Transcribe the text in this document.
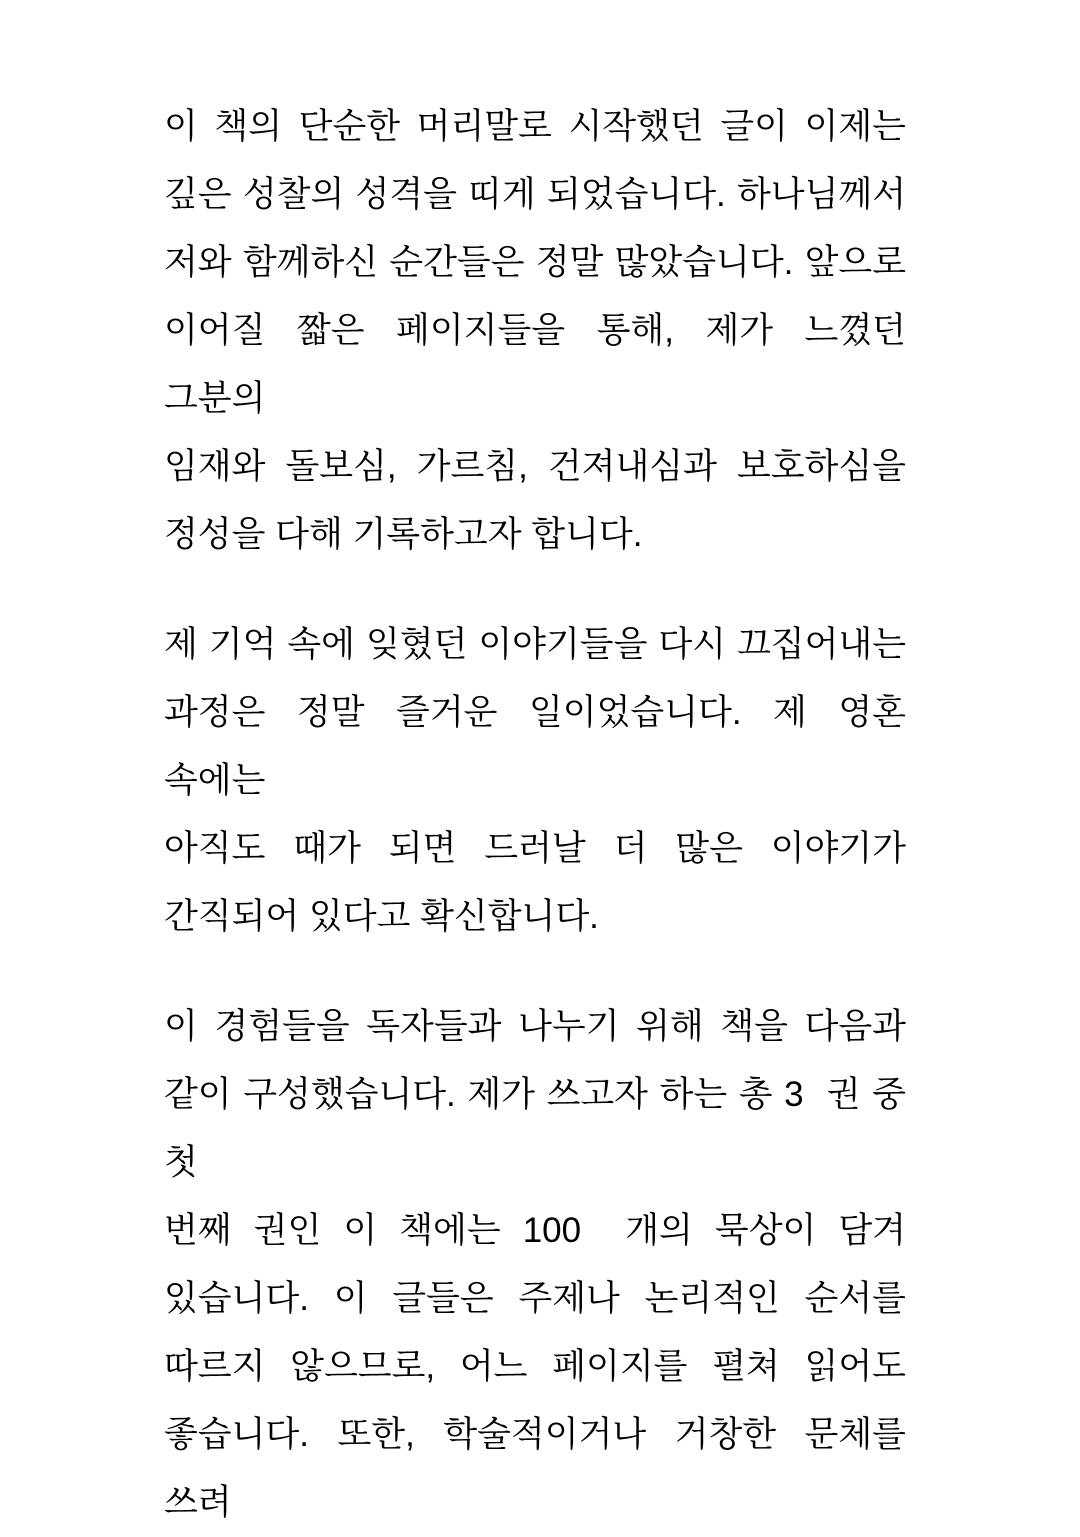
이 책의 단순한 머리말로 시작했던 글이 이제는
깊은 성찰의 성격을 띠게 되었습니다. 하나님께서
저와 함께하신 순간들은 정말 많았습니다. 앞으로
이어질 짧은 페이지들을 통해, 제가 느꼈던 그분의
임재와 돌보심, 가르침, 건져내심과 보호하심을
정성을 다해 기록하고자 합니다.
제 기억 속에 잊혔던 이야기들을 다시 끄집어내는
과정은 정말 즐거운 일이었습니다. 제 영혼 속에는
아직도 때가 되면 드러날 더 많은 이야기가
간직되어 있다고 확신합니다.
이 경험들을 독자들과 나누기 위해 책을 다음과
같이 구성했습니다. 제가 쓰고자 하는 총 3  권 중 첫
번째 권인 이 책에는 100  개의 묵상이 담겨
있습니다. 이 글들은 주제나 논리적인 순서를
따르지 않으므로, 어느 페이지를 펼쳐 읽어도
좋습니다. 또한, 학술적이거나 거창한 문체를 쓰려
